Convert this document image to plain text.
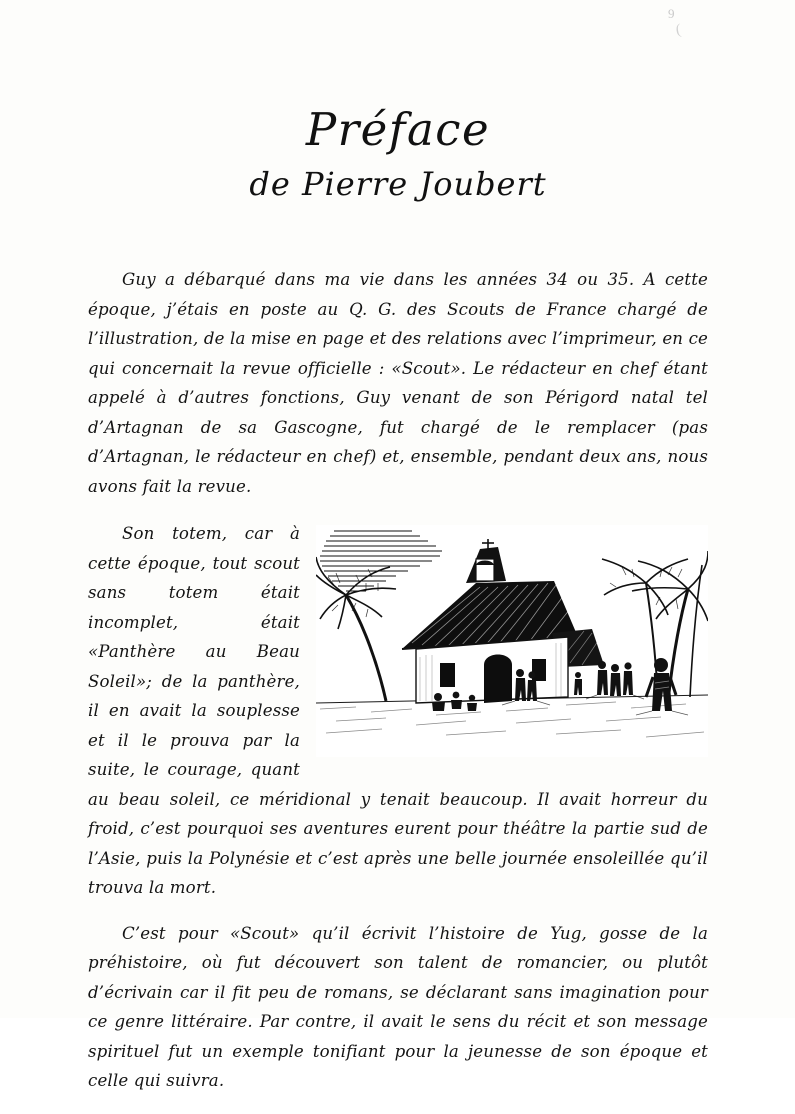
9
(
Préface
de Pierre Joubert

Guy a débarqué dans ma vie dans les années 34 ou 35. A cette époque, j’étais en poste au Q. G. des Scouts de France chargé de l’illustration, de la mise en page et des relations avec l’imprimeur, en ce qui concernait la revue officielle : «Scout». Le rédacteur en chef étant appelé à d’autres fonctions, Guy venant de son Périgord natal tel d’Artagnan de sa Gascogne, fut chargé de le remplacer (pas d’Artagnan, le rédacteur en chef) et, ensemble, pendant deux ans, nous avons fait la revue.

Son totem, car à cette époque, tout scout sans totem était incomplet, était «Panthère au Beau Soleil»; de la panthère, il en avait la souplesse et il le prouva par la suite, le courage, quant au beau soleil, ce méridional y tenait beaucoup. Il avait horreur du froid, c’est pourquoi ses aventures eurent pour théâtre la partie sud de l’Asie, puis la Polynésie et c’est après une belle journée ensoleillée qu’il trouva la mort.

C’est pour «Scout» qu’il écrivit l’histoire de Yug, gosse de la préhistoire, où fut découvert son talent de romancier, ou plutôt d’écrivain car il fit peu de romans, se déclarant sans imagination pour ce genre littéraire. Par contre, il avait le sens du récit et son message spirituel fut un exemple tonifiant pour la jeunesse de son époque et celle qui suivra.
